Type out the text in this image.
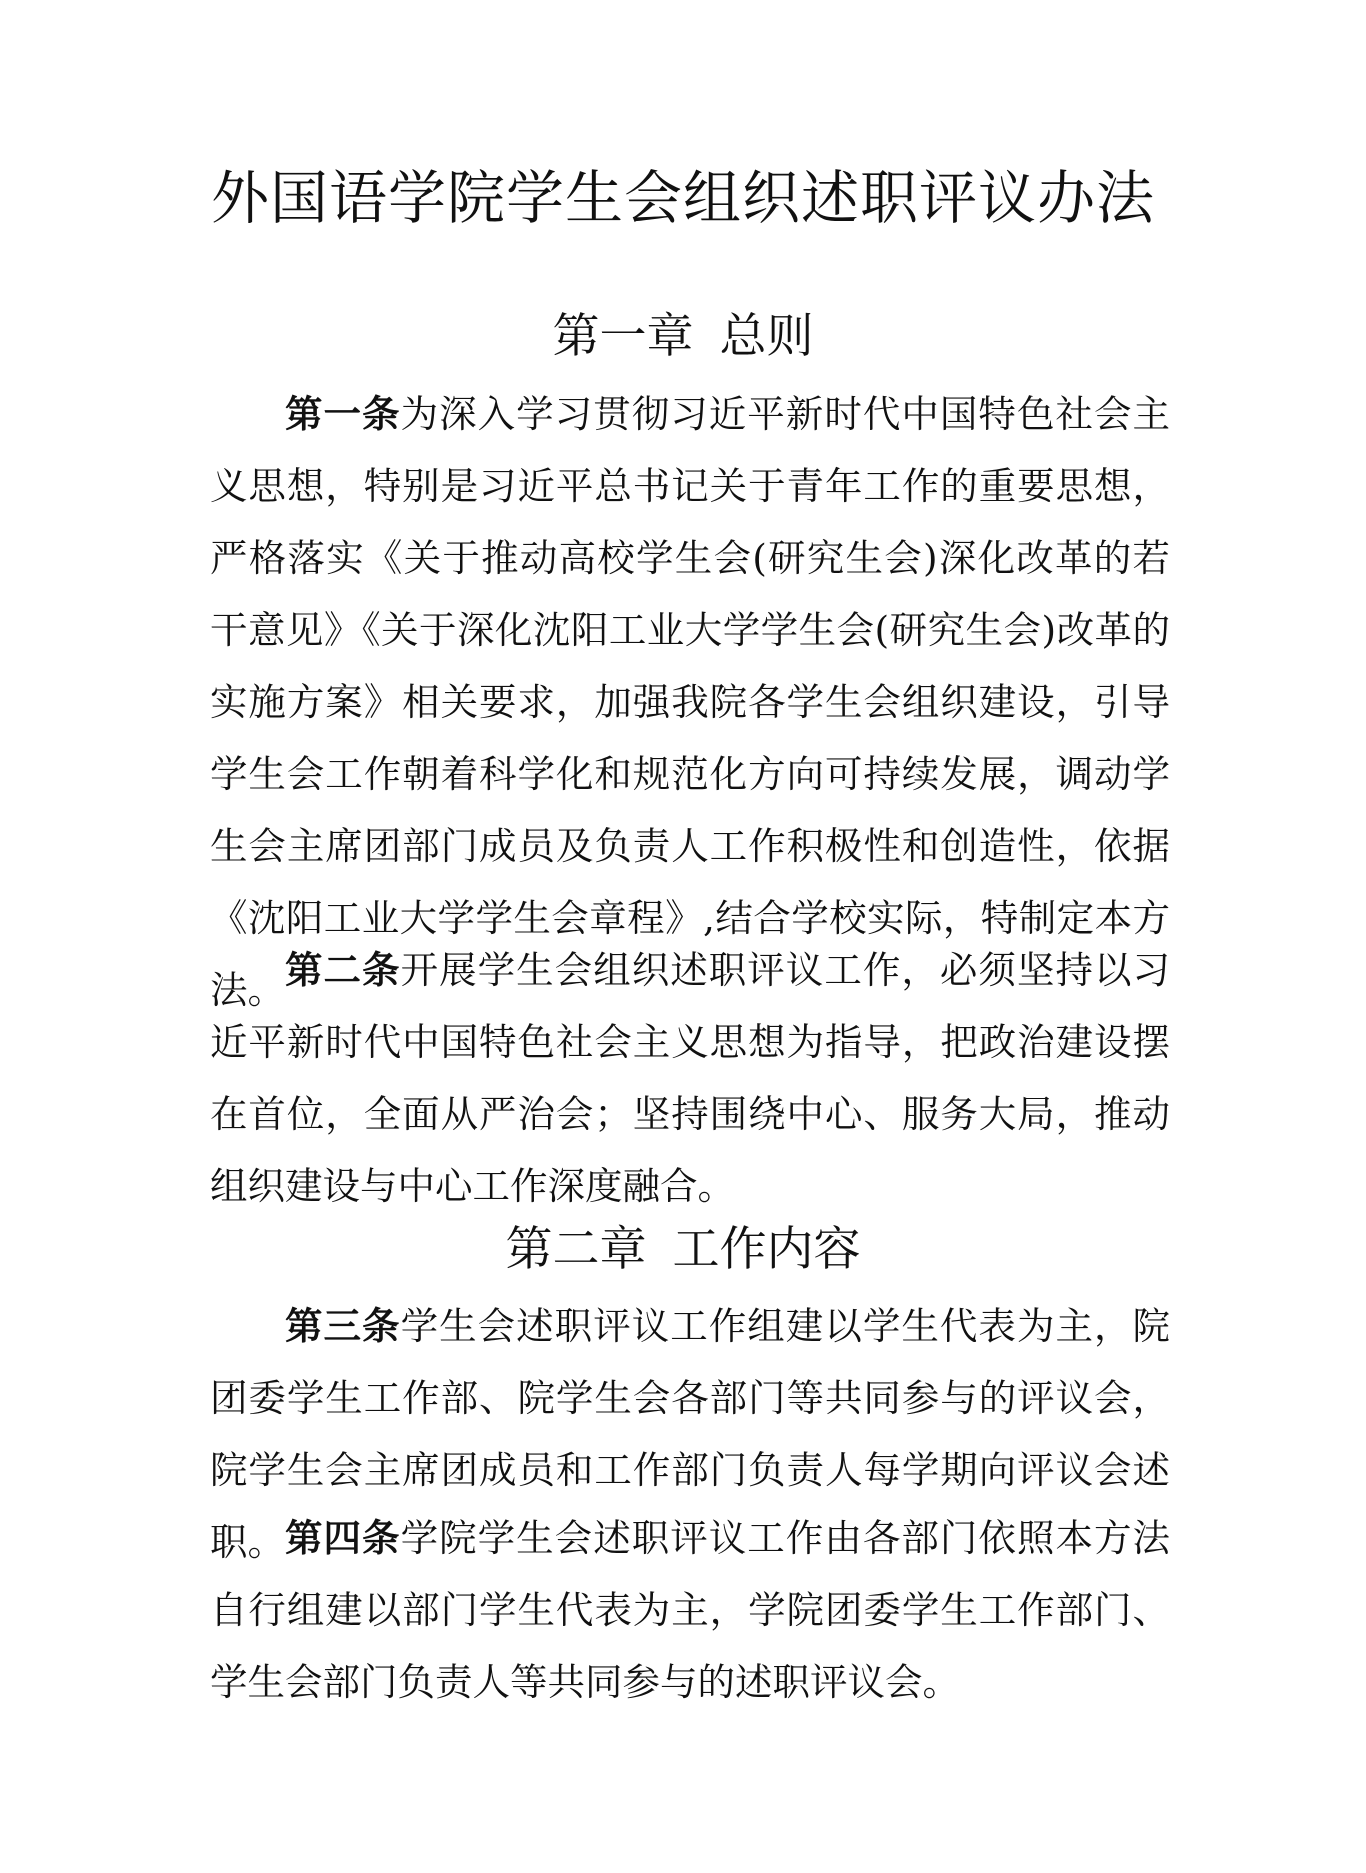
外国语学院学生会组织述职评议办法
第一章 总则

第一条为深入学习贯彻习近平新时代中国特色社会主义思想，特别是习近平总书记关于青年工作的重要思想，严格落实《关于推动高校学生会(研究生会)深化改革的若干意见》《关于深化沈阳工业大学学生会(研究生会)改革的实施方案》相关要求，加强我院各学生会组织建设，引导学生会工作朝着科学化和规范化方向可持续发展，调动学生会主席团部门成员及负责人工作积极性和创造性，依据《沈阳工业大学学生会章程》,结合学校实际，特制定本方法。 第二条开展学生会组织述职评议工作，必须坚持以习近平新时代中国特色社会主义思想为指导，把政治建设摆在首位，全面从严治会；坚持围绕中心、服务大局，推动组织建设与中心工作深度融合。

第二章 工作内容

第三条学生会述职评议工作组建以学生代表为主，院团委学生工作部、院学生会各部门等共同参与的评议会，院学生会主席团成员和工作部门负责人每学期向评议会述职。 第四条学院学生会述职评议工作由各部门依照本方法自行组建以部门学生代表为主，学院团委学生工作部门、学生会部门负责人等共同参与的述职评议会。
